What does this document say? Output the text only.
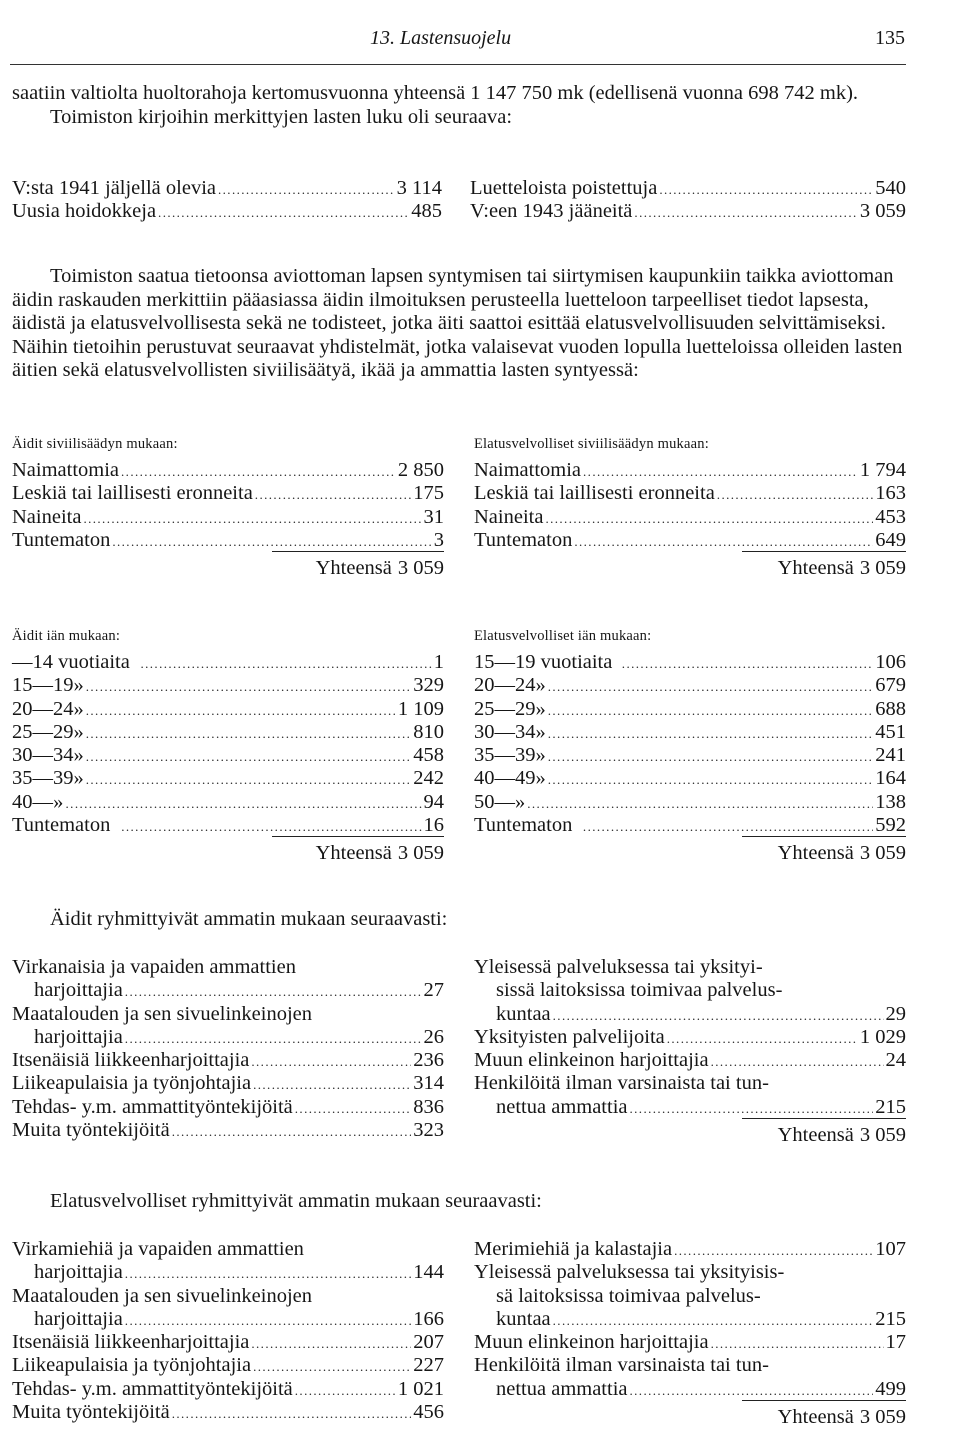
13. Lastensuojelu	135

saatiin valtiolta huoltorahoja kertomusvuonna yhteensä 1 147 750 mk (edellisenä vuonna 698 742 mk).

Toimiston kirjoihin merkittyjen lasten luku oli seuraava:

V:sta 1941 jäljellä olevia .....	3 114
Uusia hoidokkeja .....	485
Luetteloista poistettuja .....	540
V:een 1943 jääneitä .....	3 059
Toimiston saatua tietoonsa aviottoman lapsen syntymisen tai siirtymisen kaupunkiin taikka aviottoman äidin raskauden merkittiin pääasiassa äidin ilmoituksen perusteella luetteloon tarpeelliset tiedot lapsesta, äidistä ja elatusvelvollisesta sekä ne todisteet, jotka äiti saattoi esittää elatusvelvollisuuden selvittämiseksi. Näihin tietoihin perustuvat seuraavat yhdistelmät, jotka valaisevat vuoden lopulla luetteloissa olleiden lasten äitien sekä elatusvelvollisten siviilisäätyä, ikää ja ammattia lasten syntyessä:
Äidit siviilisäädyn mukaan:
Naimattomia .....	2 850
Leskiä tai laillisesti eronneita .....	175
Naineita .....	31
Tuntematon .....	3
Yhteensä 3 059
Elatusvelvolliset siviilisäädyn mukaan:
Naimattomia .....	1 794
Leskiä tai laillisesti eronneita .....	163
Naineita .....	453
Tuntematon .....	649
Yhteensä 3 059
Äidit iän mukaan:
—14 vuotiaita .....	1
15—19 » .....	329
20—24 » .....	1 109
25—29 » .....	810
30—34 » .....	458
35—39 » .....	242
40— » .....	94
Tuntematon .....	16
Yhteensä 3 059
Elatusvelvolliset iän mukaan:
15—19 vuotiaita .....	106
20—24 » .....	679
25—29 » .....	688
30—34 » .....	451
35—39 » .....	241
40—49 » .....	164
50— » .....	138
Tuntematon .....	592
Yhteensä 3 059
Äidit ryhmittyivät ammatin mukaan seuraavasti:
Virkanaisia ja vapaiden ammattien
harjoittajia .....	27
Maatalouden ja sen sivuelinkeinojen
harjoittajia .....	26
Itsenäisiä liikkeenharjoittajia .....	236
Liikeapulaisia ja työnjohtajia .....	314
Tehdas- y.m. ammattityöntekijöitä .....	836
Muita työntekijöitä .....	323
Yleisessä palveluksessa tai yksityi-
sissä laitoksissa toimivaa palvelus-
kuntaa .....	29
Yksityisten palvelijoita .....	1 029
Muun elinkeinon harjoittajia .....	24
Henkilöitä ilman varsinaista tai tun-
nettua ammattia .....	215
Yhteensä 3 059
Elatusvelvolliset ryhmittyivät ammatin mukaan seuraavasti:
Virkamiehiä ja vapaiden ammattien
harjoittajia .....	144
Maatalouden ja sen sivuelinkeinojen
harjoittajia .....	166
Itsenäisiä liikkeenharjoittajia .....	207
Liikeapulaisia ja työnjohtajia .....	227
Tehdas- y.m. ammattityöntekijöitä .....	1 021
Muita työntekijöitä .....	456
Merimiehiä ja kalastajia .....	107
Yleisessä palveluksessa tai yksityisis-
sä laitoksissa toimivaa palvelus-
kuntaa .....	215
Muun elinkeinon harjoittajia .....	17
Henkilöitä ilman varsinaista tai tun-
nettua ammattia .....	499
Yhteensä 3 059
